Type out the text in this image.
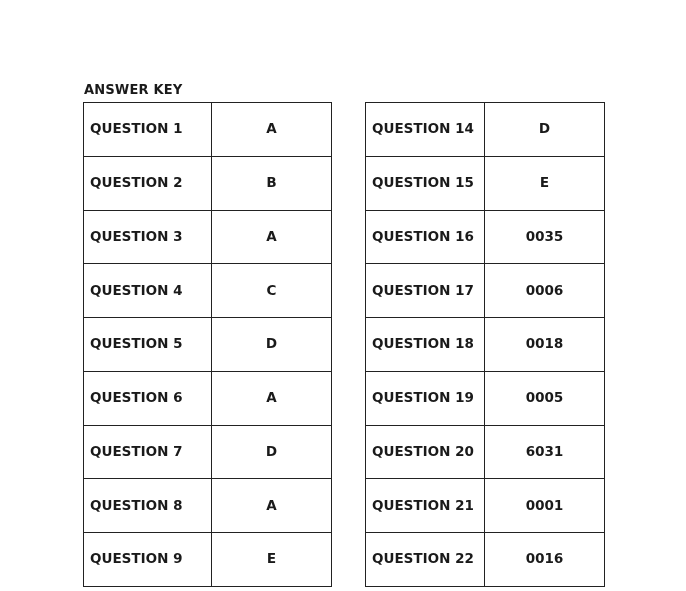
ANSWER KEY
QUESTION 1	A
QUESTION 2	B
QUESTION 3	A
QUESTION 4	C
QUESTION 5	D
QUESTION 6	A
QUESTION 7	D
QUESTION 8	A
QUESTION 9	E
QUESTION 14	D
QUESTION 15	E
QUESTION 16	0035
QUESTION 17	0006
QUESTION 18	0018
QUESTION 19	0005
QUESTION 20	6031
QUESTION 21	0001
QUESTION 22	0016
